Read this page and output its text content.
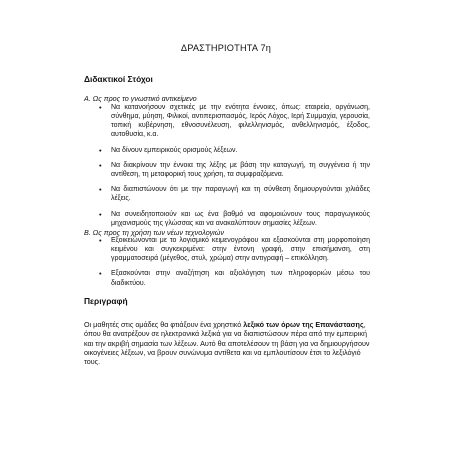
ΔΡΑΣΤΗΡΙΟΤΗΤΑ 7η
Διδακτικοί Στόχοι
Α. Ως προς το γνωστικό αντικείμενο
• Να κατανοήσουν σχετικές με την ενότητα έννοιες, όπως: εταιρεία, οργάνωση, σύνθημα, μύηση, Φιλικοί, αντιπερισπασμός, Ιερός Λόχος, Ιερή Συμμαχία, γερουσία, τοπική κυβέρνηση, εθνοσυνέλευση, φιλελληνισμός, ανθελληνισμός, έξοδος, αυτοθυσία, κ.α.
• Να δίνουν εμπειρικούς ορισμούς λέξεων.
• Να διακρίνουν την έννοια της λέξης με βάση την καταγωγή, τη συγγένεια ή την αντίθεση, τη μεταφορική τους χρήση, τα συμφραζόμενα.
• Να διαπιστώνουν ότι με την παραγωγή και τη σύνθεση δημιουργούνται χιλιάδες λέξεις.
• Να συνειδητοποιούν και ως ένα βαθμό να αφομοιώνουν τους παραγωγικούς μηχανισμούς της γλώσσας και να ανακαλύπτουν σημασίες λέξεων.
Β. Ως προς τη χρήση των νέων τεχνολογιών
• Εξοικειώνονται με το λογισμικό κειμενογράφου και εξασκούνται στη μορφοποίηση κειμένου και συγκεκριμένα: στην έντονη γραφή, στην επισήμανση, στη γραμματοσειρά (μέγεθος, στυλ, χρώμα) στην αντιγραφή – επικόλληση.
• Εξασκούνται στην αναζήτηση και αξιολόγηση των πληροφοριών μέσω του διαδικτύου.
Περιγραφή
Οι μαθητές στις ομάδες θα φτιάξουν ένα χρηστικό λεξικό των όρων της Επανάστασης, όπου θα ανατρέξουν σε ηλεκτρονικά λεξικά για να διαπιστώσουν πέρα από την εμπειρική και την ακριβή σημασία των λέξεων. Αυτό θα αποτελέσουν τη βάση για να δημιουργήσουν οικογένειες λέξεων, να βρουν συνώνυμα αντίθετα και να εμπλουτίσουν έτσι το λεξιλόγιό τους.
